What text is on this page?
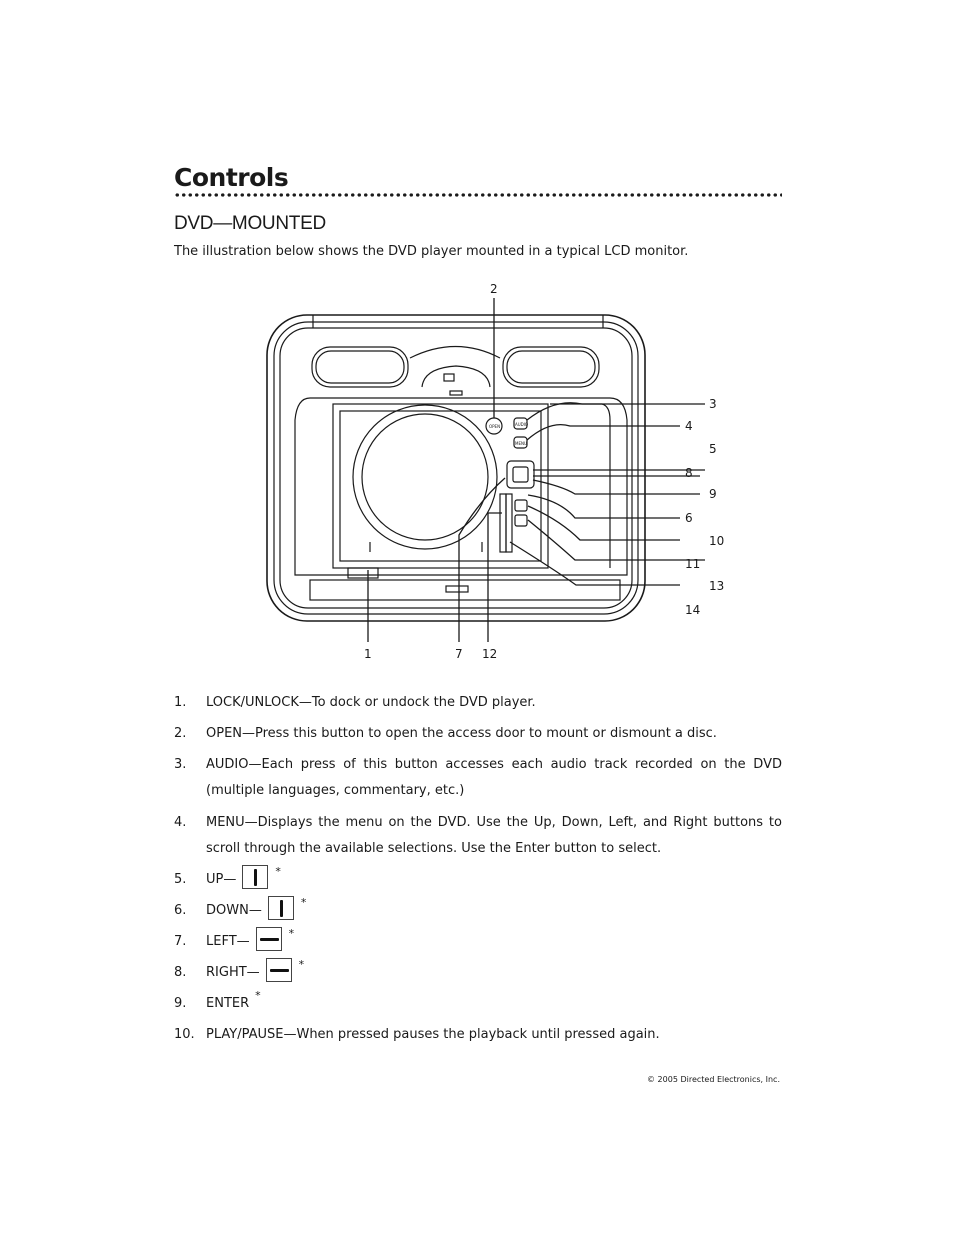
Controls
DVD—MOUNTED

The illustration below shows the DVD player mounted in a typical LCD monitor.

OPEN	AUDIO
MENU
2
3
4
5
8
9
6
10
11
13
14
1	7 12
1.	LOCK/UNLOCK—To dock or undock the DVD player.
2.	OPEN—Press this button to open the access door to mount or dismount a disc.
3.	AUDIO—Each press of this button accesses each audio track recorded on the DVD (multiple languages, commentary, etc.)
4.	MENU—Displays the menu on the DVD. Use the Up, Down, Left, and Right buttons to scroll through the available selections. Use the Enter button to select.
5.	UP—
*
6.	DOWN—
*
7.	LEFT—
*
8.	RIGHT—
*
9.	ENTER*
10. PLAY/PAUSE—When pressed pauses the playback until pressed again.
© 2005 Directed Electronics, Inc.
